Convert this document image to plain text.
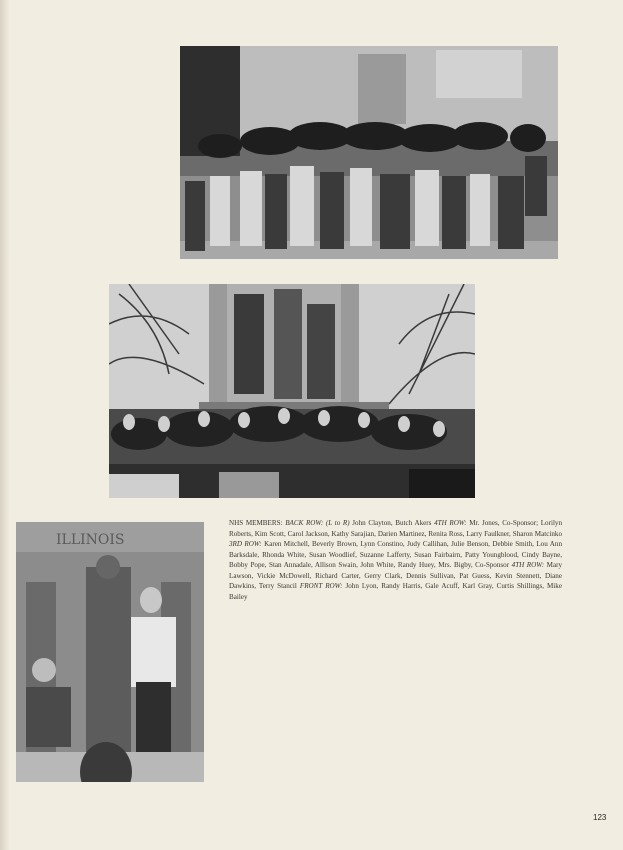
ILLINOIS

NHS MEMBERS: BACK ROW: (L to R) John Clayton, Butch Akers 4TH ROW: Mr. Jones, Co-Sponsor; Lorilyn Roberts, Kim Scott, Carol Jackson, Kathy Sarajian, Darien Martinez, Renita Ross, Larry Faulkner, Sharon Matcinko 3RD ROW: Karen Mitchell, Beverly Brown, Lynn Constino, Judy Callihan, Julie Benson, Debbie Smith, Lou Ann Barksdale, Rhonda White, Susan Woodlief, Suzanne Lafferty, Susan Fairbairn, Patty Youngblood, Cindy Bayne, Bobby Pope, Stan Annadale, Allison Swain, John White, Randy Huey, Mrs. Bigby, Co-Sponsor 4TH ROW: Mary Lawson, Vickie McDowell, Richard Carter, Gerry Clark, Dennis Sullivan, Pat Guess, Kevin Stennett, Diane Dawkins, Terry Stancil FRONT ROW: John Lyon, Randy Harris, Gale Acuff, Karl Gray, Curtis Shillings, Mike Bailey

123
